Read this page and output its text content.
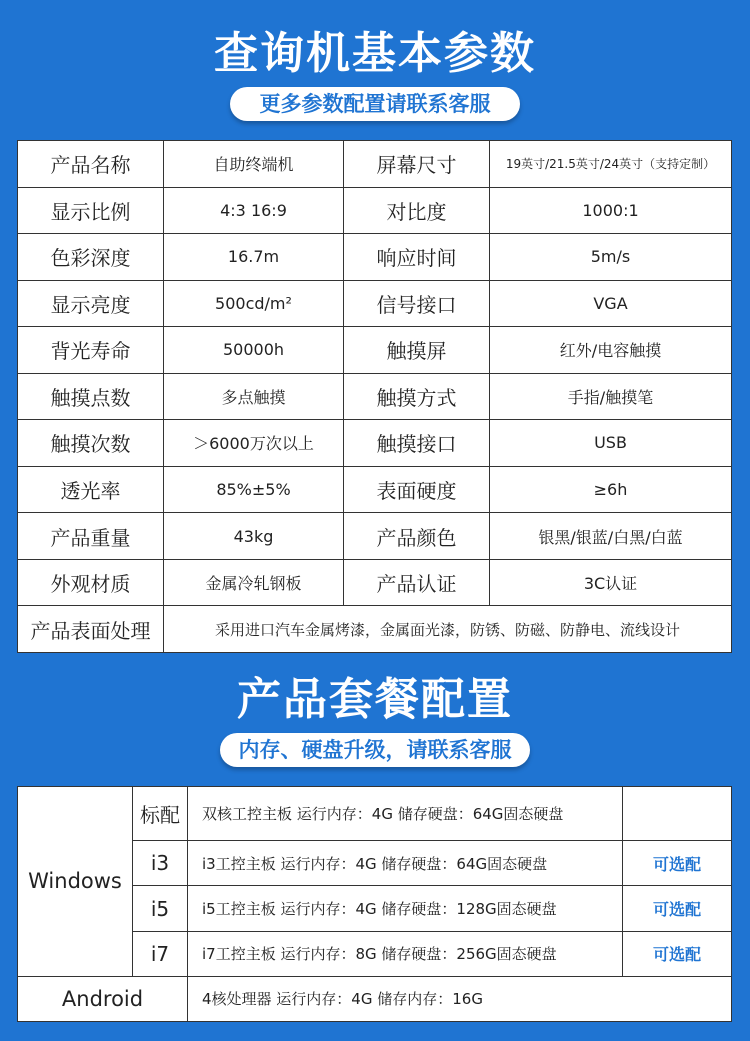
查询机基本参数
更多参数配置请联系客服
产品名称	自助终端机	屏幕尺寸	19英寸/21.5英寸/24英寸（支持定制）
显示比例	4:3 16:9	对比度	1000:1
色彩深度	16.7m	响应时间	5m/s
显示亮度	500cd/m²	信号接口	VGA
背光寿命	50000h	触摸屏	红外/电容触摸
触摸点数	多点触摸	触摸方式	手指/触摸笔
触摸次数	＞6000万次以上	触摸接口	USB
透光率	85%±5%	表面硬度	≥6h
产品重量	43kg	产品颜色	银黑/银蓝/白黑/白蓝
外观材质	金属冷轧钢板	产品认证	3C认证
产品表面处理	采用进口汽车金属烤漆，金属面光漆，防锈、防磁、防静电、流线设计		
产品套餐配置
内存、硬盘升级，请联系客服
Windows	标配	双核工控主板 运行内存：4G 储存硬盘：64G固态硬盘	
	i3	i3工控主板 运行内存：4G 储存硬盘：64G固态硬盘	可选配
	i5	i5工控主板 运行内存：4G 储存硬盘：128G固态硬盘	可选配
	i7	i7工控主板 运行内存：8G 储存硬盘：256G固态硬盘	可选配
Android		4核处理器 运行内存：4G 储存内存：16G	
